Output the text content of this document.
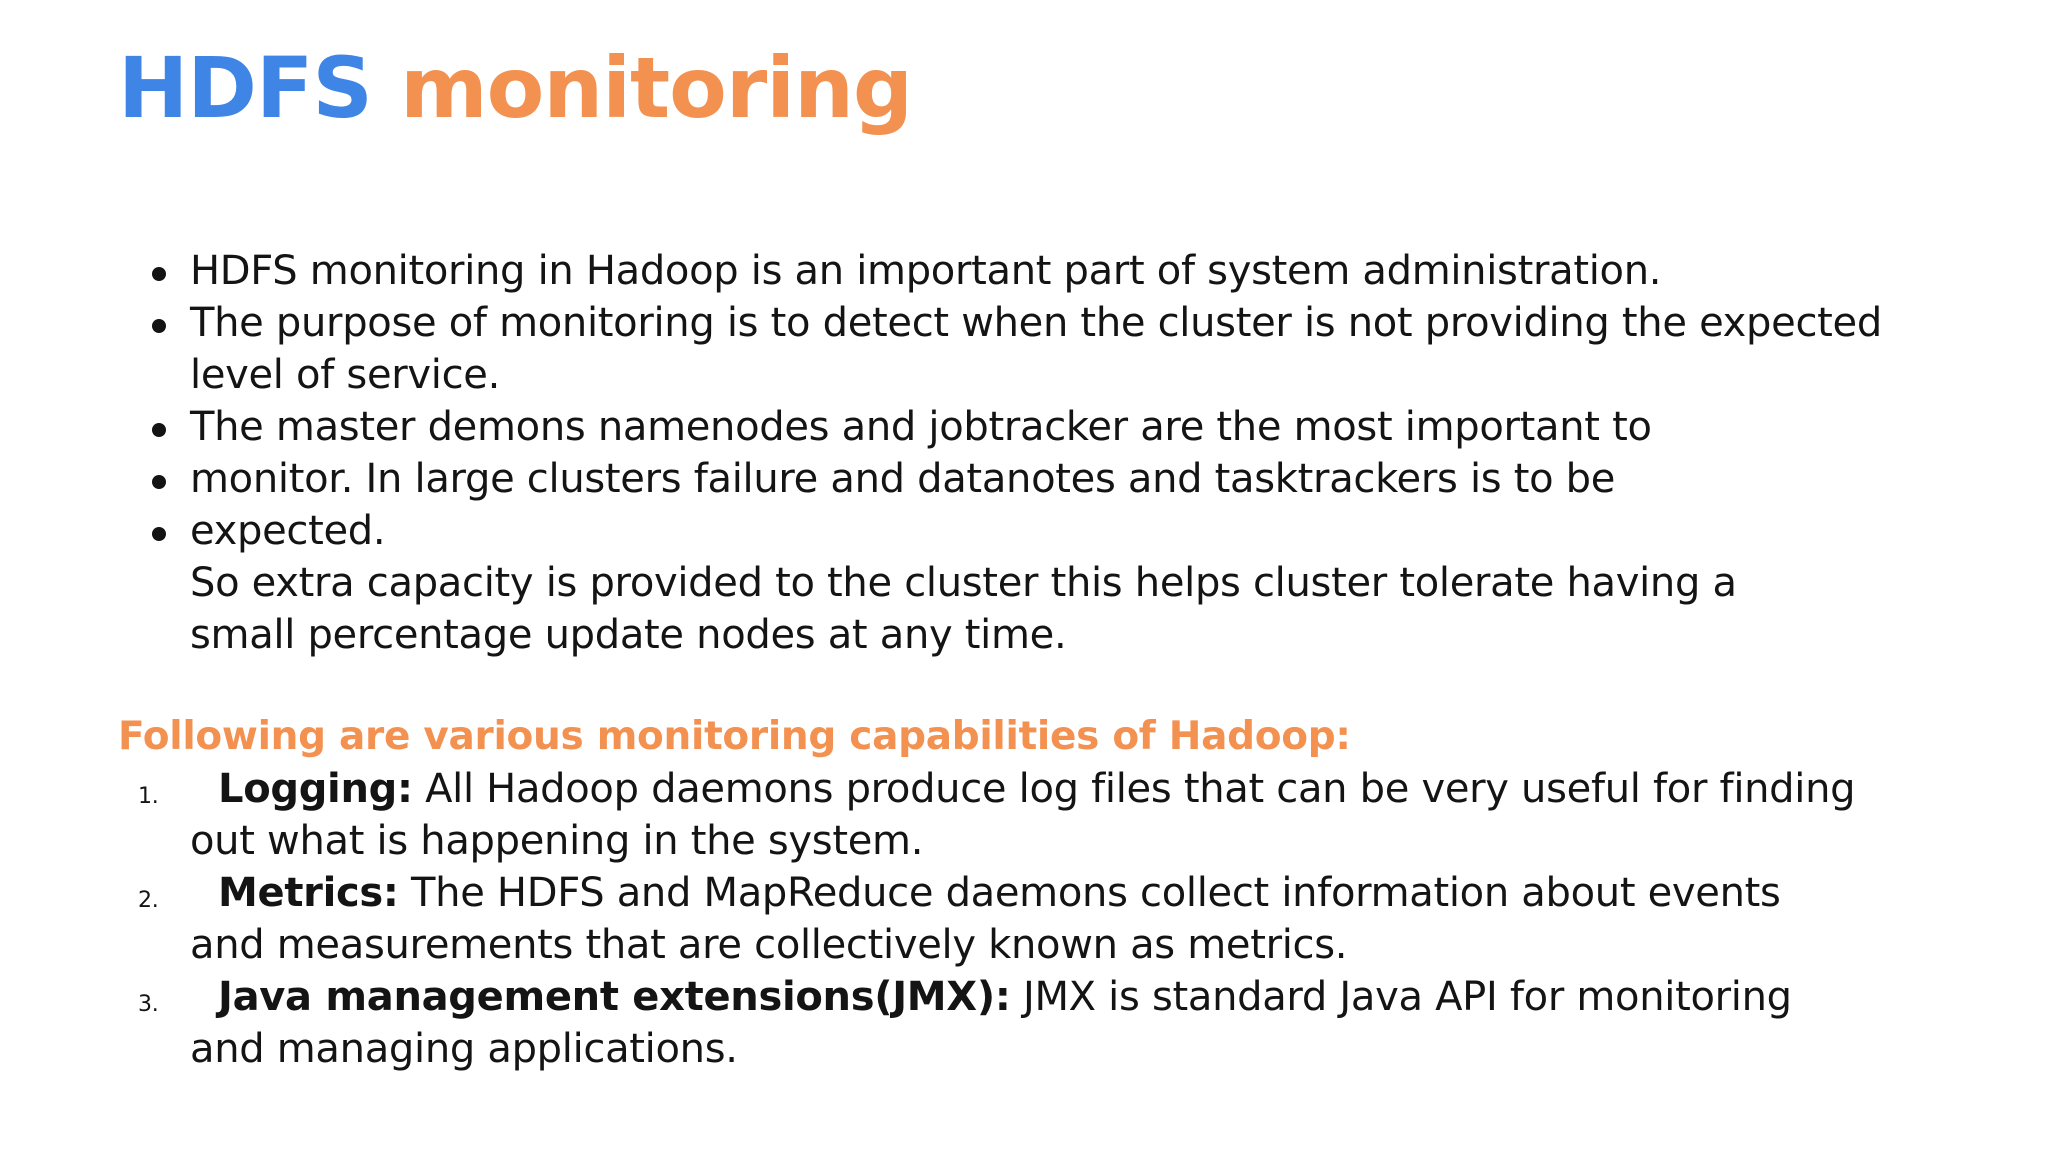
HDFS monitoring
HDFS monitoring in Hadoop is an important part of system administration.
The purpose of monitoring is to detect when the cluster is not providing the expected
level of service.
The master demons namenodes and jobtracker are the most important to
monitor. In large clusters failure and datanotes and tasktrackers is to be
expected.
So extra capacity is provided to the cluster this helps cluster tolerate having a
small percentage update nodes at any time.
Following are various monitoring capabilities of Hadoop:
1.	Logging: All Hadoop daemons produce log files that can be very useful for finding
out what is happening in the system.
2.	Metrics: The HDFS and MapReduce daemons collect information about events
and measurements that are collectively known as metrics.
3.	Java management extensions(JMX): JMX is standard Java API for monitoring
and managing applications.
